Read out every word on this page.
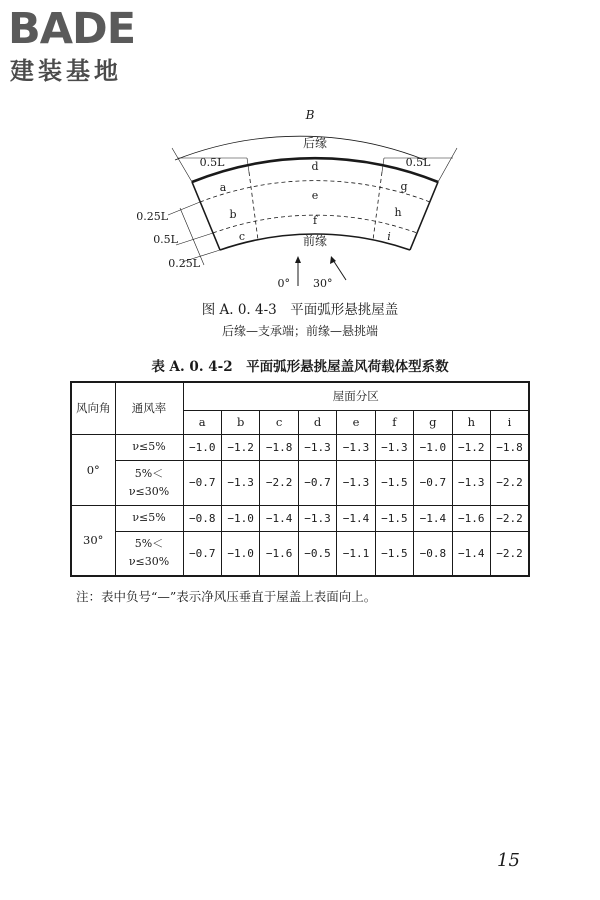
BADE
建装基地
B
后缘
前缘
0.5L	0.5L
0.25L
0.5L
0.25L
a
b
c
d
e
f
g
h
i
0° 30°
图 A. 0. 4-3　平面弧形悬挑屋盖
后缘—支承端；前缘—悬挑端
表 A. 0. 4-2　平面弧形悬挑屋盖风荷载体型系数
风向角	通风率	屋面分区								
		a	b	c	d	e	f	g	h	i
0°	ν≤5%	−1.0	−1.2	−1.8	−1.3	−1.3	−1.3	−1.0	−1.2	−1.8
	5%＜ν≤30%	−0.7	−1.3	−2.2	−0.7	−1.3	−1.5	−0.7	−1.3	−2.2
30°	ν≤5%	−0.8	−1.0	−1.4	−1.3	−1.4	−1.5	−1.4	−1.6	−2.2
	5%＜ν≤30%	−0.7	−1.0	−1.6	−0.5	−1.1	−1.5	−0.8	−1.4	−2.2
注：表中负号“—”表示净风压垂直于屋盖上表面向上。
15
